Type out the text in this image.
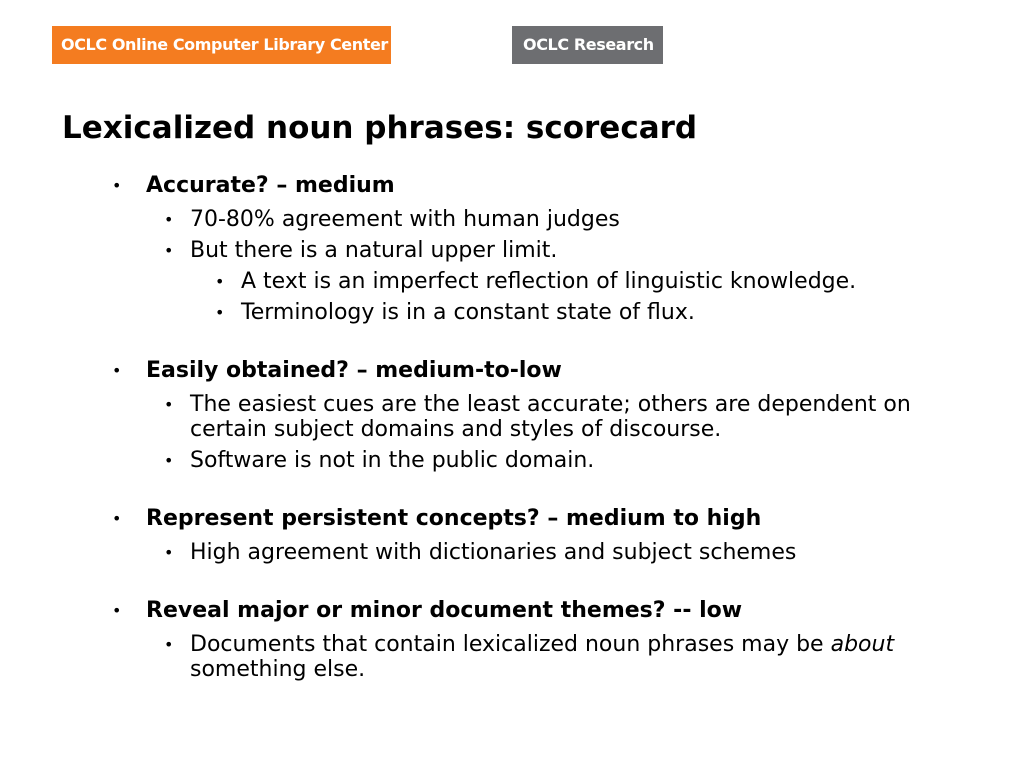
OCLC Online Computer Library Center	OCLC Research
Lexicalized noun phrases: scorecard
• Accurate? – medium
• 70-80% agreement with human judges
• But there is a natural upper limit.
• A text is an imperfect reflection of linguistic knowledge.
• Terminology is in a constant state of flux.
• Easily obtained? – medium-to-low
• The easiest cues are the least accurate; others are dependent on certain subject domains and styles of discourse.
• Software is not in the public domain.
• Represent persistent concepts? – medium to high
• High agreement with dictionaries and subject schemes
• Reveal major or minor document themes? -- low
• Documents that contain lexicalized noun phrases may be about something else.
